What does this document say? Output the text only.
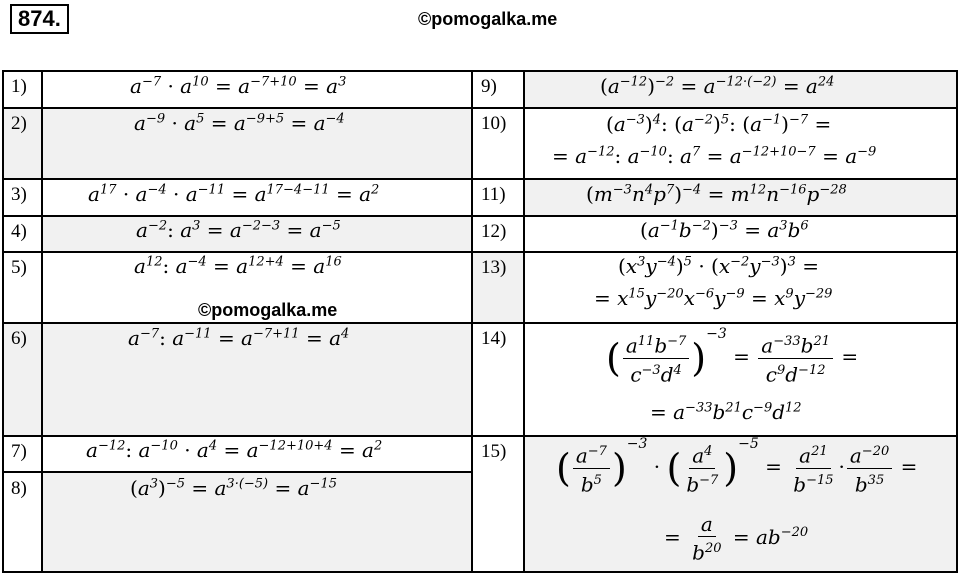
874.	©pomogalka.me
1)
2)
3)
4)
5)
6)
7)
8)
9)
10)
11)
12)
13)
14)
15)
$a^{-7} \cdot a^{10} = a^{-7+10} = a^3$
$a^{-9} \cdot a^5 = a^{-9+5} = a^{-4}$
$a^{17} \cdot a^{-4} \cdot a^{-11} = a^{17-4-11} = a^2$
$a^{-2}$: $a^3 = a^{-2-3} = a^{-5}$
$a^{12}$: $a^{-4} = a^{12+4} = a^{16}$
$a^{-7}$: $a^{-11} = a^{-7+11} = a^4$
$a^{-12}$: $a^{-10} \cdot a^4 = a^{-12+10+4} = a^2$
$(a^3)^{-5} = a^{3\cdot(-5)} = a^{-15}$
$(a^{-12})^{-2} = a^{-12\cdot(-2)} = a^{24}$
$(a^{-3})^4$: $(a^{-2})^5$: $(a^{-1})^{-7}$ =
= $a^{-12}$: $a^{-10}$: $a^7 = a^{-12+10-7} = a^{-9}$
$(m^{-3}n^4p^7)^{-4} = m^{12}n^{-16}p^{-28}$
$(a^{-1}b^{-2})^{-3} = a^3b^6$
$(x^3y^{-4})^5 \cdot (x^{-2}y^{-3})^3$ =
= $x^{15}y^{-20}x^{-6}y^{-9} = x^9y^{-29}$
( $\frac{a^{11}b^{-7}}{c^{-3}d^4} )^{-3} = \frac{a^{-33}b^{21}}{c^9d^{-12}}$ =
= $a^{-33}b^{21}c^{-9}d^{12}$
( $\frac{a^{-7}}{b^5} )^{-3}$ · ( $\frac{a^4}{b^{-7}} )^{-5} = \frac{a^{21}}{b^{-15}} \cdot \frac{a^{-20}}{b^{35}}$ =
= $\frac{a}{b^{20}} = ab^{-20}$
©pomogalka.me
